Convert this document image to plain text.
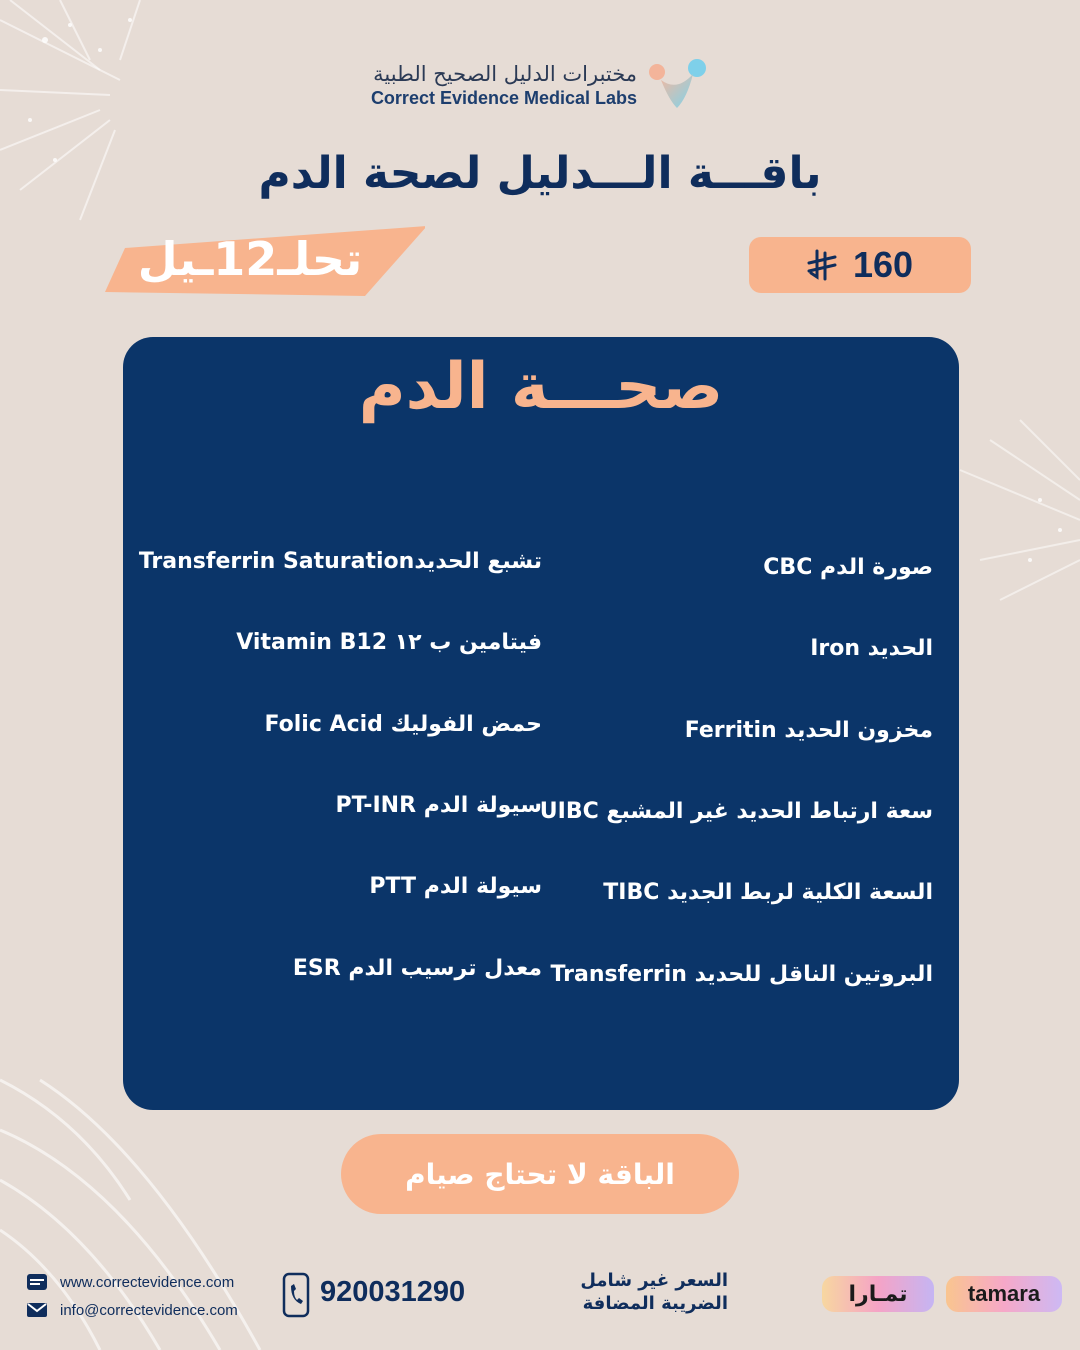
مختبرات الدليل الصحيح الطبية
Correct Evidence Medical Labs
باقـــة الـــدليل لصحة الدم
تحلـ12ـيل	160
صحـــة الدم
صورة الدم CBC
الحديد Iron
مخزون الحديد Ferritin
سعة ارتباط الحديد غير المشبع UIBC
السعة الكلية لربط الجديد TIBC
البروتين الناقل للحديد Transferrin
تشبع الحديدTransferrin Saturation
فيتامين ب ١٢ Vitamin B12
حمض الفوليك Folic Acid
سيولة الدم PT-INR
سيولة الدم PTT
معدل ترسيب الدم ESR
الباقة لا تحتاج صيام
www.correctevidence.com
info@correctevidence.com
920031290	السعر غير شامل
الضريبة المضافة	تمـارا	tamara
